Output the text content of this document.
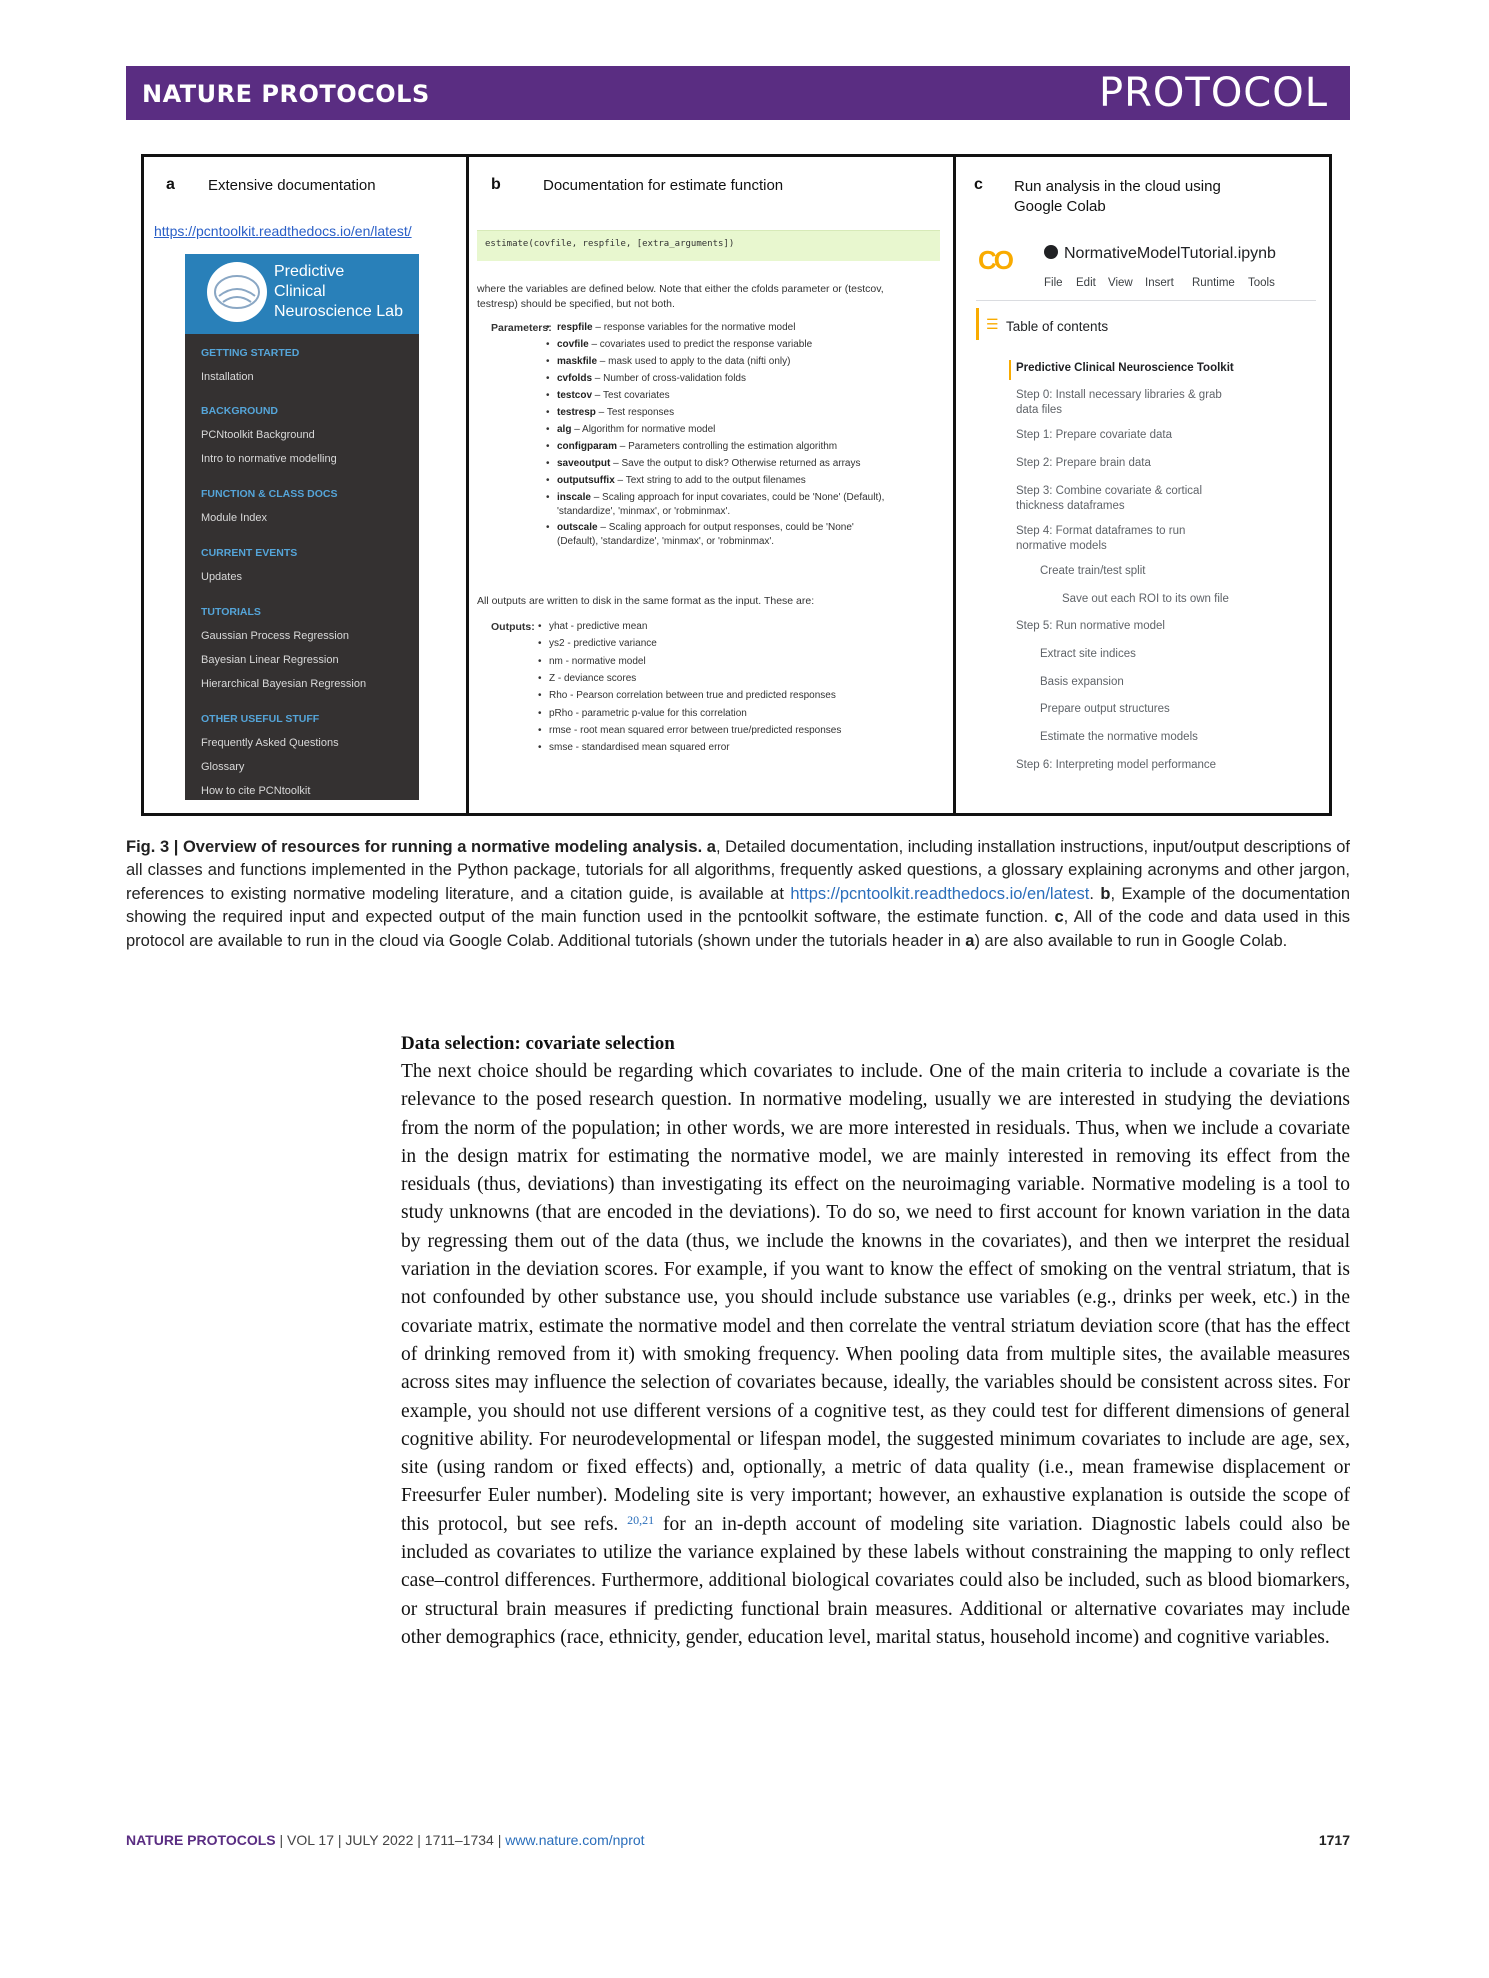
NATURE PROTOCOLS	PROTOCOL
a Extensive documentation
https://pcntoolkit.readthedocs.io/en/latest/
Predictive
Clinical
Neuroscience Lab
GETTING STARTED
Installation
BACKGROUND
PCNtoolkit Background
Intro to normative modelling
FUNCTION & CLASS DOCS
Module Index
CURRENT EVENTS
Updates
TUTORIALS
Gaussian Process Regression
Bayesian Linear Regression
Hierarchical Bayesian Regression
OTHER USEFUL STUFF
Frequently Asked Questions
Glossary
How to cite PCNtoolkit
b	Documentation for estimate function
estimate(covfile, respfile, [extra_arguments])
where the variables are defined below. Note that either the cfolds parameter or (testcov,
testresp) should be specified, but not both.
Parameters: • respfile – response variables for the normative model
• covfile – covariates used to predict the response variable
• maskfile – mask used to apply to the data (nifti only)
• cvfolds – Number of cross-validation folds
• testcov – Test covariates
• testresp – Test responses
• alg – Algorithm for normative model
• configparam – Parameters controlling the estimation algorithm
• saveoutput – Save the output to disk? Otherwise returned as arrays
• outputsuffix – Text string to add to the output filenames
• inscale – Scaling approach for input covariates, could be 'None' (Default),
'standardize', 'minmax', or 'robminmax'.
• outscale – Scaling approach for output responses, could be 'None'
(Default), 'standardize', 'minmax', or 'robminmax'.
All outputs are written to disk in the same format as the input. These are:
Outputs: • yhat - predictive mean
• ys2 - predictive variance
• nm - normative model
• Z - deviance scores
• Rho - Pearson correlation between true and predicted responses
• pRho - parametric p-value for this correlation
• rmse - root mean squared error between true/predicted responses
• smse - standardised mean squared error
c Run analysis in the cloud using
Google Colab
CO	NormativeModelTutorial.ipynb
File Edit View Insert Runtime Tools
☰ Table of contents
Predictive Clinical Neuroscience Toolkit
Step 0: Install necessary libraries & grab
data files
Step 1: Prepare covariate data
Step 2: Prepare brain data
Step 3: Combine covariate & cortical
thickness dataframes
Step 4: Format dataframes to run
normative models
Create train/test split
Save out each ROI to its own file
Step 5: Run normative model
Extract site indices
Basis expansion
Prepare output structures
Estimate the normative models
Step 6: Interpreting model performance
Fig. 3 | Overview of resources for running a normative modeling analysis. a, Detailed documentation, including installation instructions, input/output descriptions of all classes and functions implemented in the Python package, tutorials for all algorithms, frequently asked questions, a glossary explaining acronyms and other jargon, references to existing normative modeling literature, and a citation guide, is available at https://pcntoolkit.readthedocs.io/en/latest. b, Example of the documentation showing the required input and expected output of the main function used in the pcntoolkit software, the estimate function. c, All of the code and data used in this protocol are available to run in the cloud via Google Colab. Additional tutorials (shown under the tutorials header in a) are also available to run in Google Colab.
Data selection: covariate selection
The next choice should be regarding which covariates to include. One of the main criteria to include a covariate is the relevance to the posed research question. In normative modeling, usually we are interested in studying the deviations from the norm of the population; in other words, we are more interested in residuals. Thus, when we include a covariate in the design matrix for estimating the normative model, we are mainly interested in removing its effect from the residuals (thus, deviations) than investigating its effect on the neuroimaging variable. Normative modeling is a tool to study unknowns (that are encoded in the deviations). To do so, we need to first account for known variation in the data by regressing them out of the data (thus, we include the knowns in the covariates), and then we interpret the residual variation in the deviation scores. For example, if you want to know the effect of smoking on the ventral striatum, that is not confounded by other substance use, you should include substance use variables (e.g., drinks per week, etc.) in the covariate matrix, estimate the normative model and then correlate the ventral striatum deviation score (that has the effect of drinking removed from it) with smoking frequency. When pooling data from multiple sites, the available measures across sites may influence the selection of covariates because, ideally, the variables should be consistent across sites. For example, you should not use different versions of a cognitive test, as they could test for different dimensions of general cognitive ability. For neurodevelopmental or lifespan model, the suggested minimum covariates to include are age, sex, site (using random or fixed effects) and, optionally, a metric of data quality (i.e., mean framewise displacement or Freesurfer Euler number). Modeling site is very important; however, an exhaustive explanation is outside the scope of this protocol, but see refs. $^{20,21}$ for an in-depth account of modeling site variation. Diagnostic labels could also be included as covariates to utilize the variance explained by these labels without constraining the mapping to only reflect case–control differences. Furthermore, additional biological covariates could also be included, such as blood biomarkers, or structural brain measures if predicting functional brain measures. Additional or alternative covariates may include other demographics (race, ethnicity, gender, education level, marital status, household income) and cognitive variables.
NATURE PROTOCOLS | VOL 17 | JULY 2022 | 1711–1734 | www.nature.com/nprot	1717
